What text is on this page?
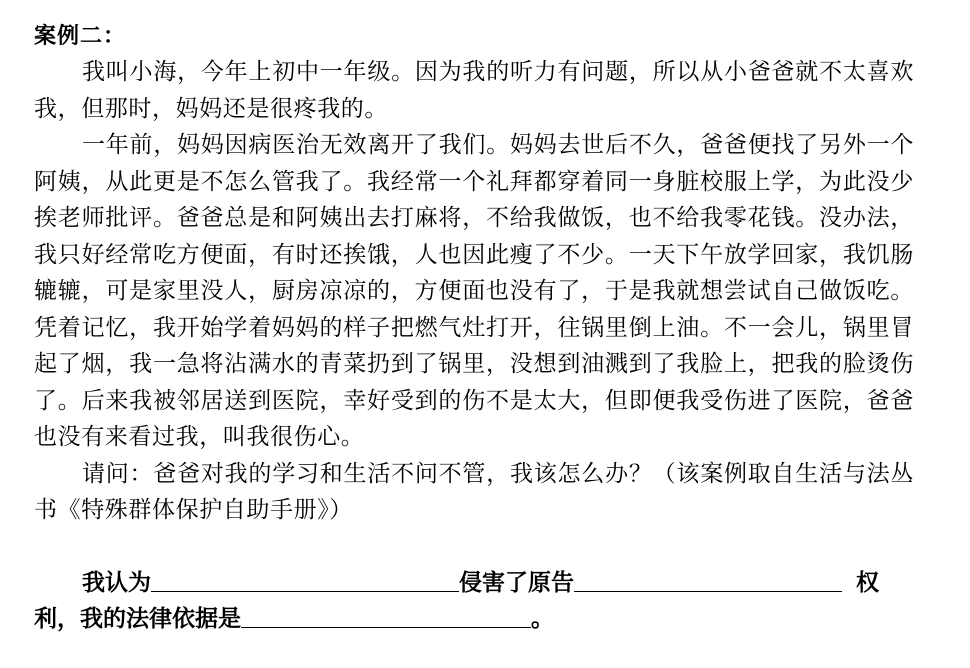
案例二：

我叫小海，今年上初中一年级。因为我的听力有问题，所以从小爸爸就不太喜欢我，但那时，妈妈还是很疼我的。

一年前，妈妈因病医治无效离开了我们。妈妈去世后不久，爸爸便找了另外一个阿姨，从此更是不怎么管我了。我经常一个礼拜都穿着同一身脏校服上学，为此没少挨老师批评。爸爸总是和阿姨出去打麻将，不给我做饭，也不给我零花钱。没办法，我只好经常吃方便面，有时还挨饿，人也因此瘦了不少。一天下午放学回家，我饥肠辘辘，可是家里没人，厨房凉凉的，方便面也没有了，于是我就想尝试自己做饭吃。凭着记忆，我开始学着妈妈的样子把燃气灶打开，往锅里倒上油。不一会儿，锅里冒起了烟，我一急将沾满水的青菜扔到了锅里，没想到油溅到了我脸上，把我的脸烫伤了。后来我被邻居送到医院，幸好受到的伤不是太大，但即便我受伤进了医院，爸爸也没有来看过我，叫我很伤心。

请问：爸爸对我的学习和生活不问不管，我该怎么办？（该案例取自生活与法丛书《特殊群体保护自助手册》）

我认为	侵害了原告	权
利，我的法律依据是	。
